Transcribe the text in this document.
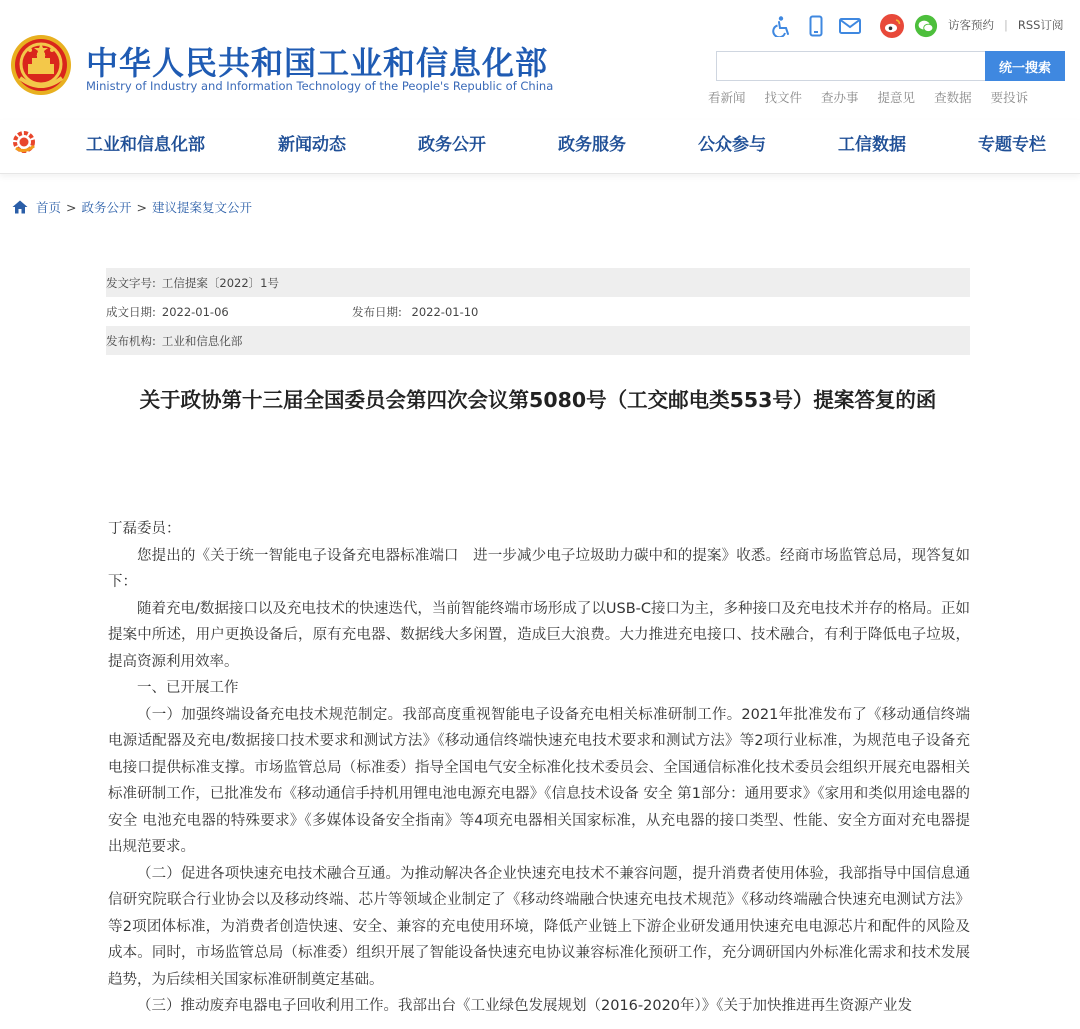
中华人民共和国工业和信息化部
Ministry of Industry and Information Technology of the People's Republic of China
访客预约 | RSS订阅
统一搜索
看新闻 找文件 查办事 提意见 查数据 要投诉
工业和信息化部	新闻动态	政务公开	政务服务	公众参与	工信数据	专题专栏
首页 > 政务公开 > 建议提案复文公开
发文字号: 工信提案〔2022〕1号
成文日期: 2022-01-06	发布日期: 2022-01-10
发布机构: 工业和信息化部
关于政协第十三届全国委员会第四次会议第5080号（工交邮电类553号）提案答复的函

丁磊委员：

您提出的《关于统一智能电子设备充电器标准端口　进一步减少电子垃圾助力碳中和的提案》收悉。经商市场监管总局，现答复如下：

随着充电/数据接口以及充电技术的快速迭代，当前智能终端市场形成了以USB-C接口为主，多种接口及充电技术并存的格局。正如提案中所述，用户更换设备后，原有充电器、数据线大多闲置，造成巨大浪费。大力推进充电接口、技术融合，有利于降低电子垃圾，提高资源利用效率。

一、已开展工作

（一）加强终端设备充电技术规范制定。我部高度重视智能电子设备充电相关标准研制工作。2021年批准发布了《移动通信终端电源适配器及充电/数据接口技术要求和测试方法》《移动通信终端快速充电技术要求和测试方法》等2项行业标准，为规范电子设备充电接口提供标准支撑。市场监管总局（标准委）指导全国电气安全标准化技术委员会、全国通信标准化技术委员会组织开展充电器相关标准研制工作，已批准发布《移动通信手持机用锂电池电源充电器》《信息技术设备 安全 第1部分：通用要求》《家用和类似用途电器的安全 电池充电器的特殊要求》《多媒体设备安全指南》等4项充电器相关国家标准，从充电器的接口类型、性能、安全方面对充电器提出规范要求。

（二）促进各项快速充电技术融合互通。为推动解决各企业快速充电技术不兼容问题，提升消费者使用体验，我部指导中国信息通信研究院联合行业协会以及移动终端、芯片等领域企业制定了《移动终端融合快速充电技术规范》《移动终端融合快速充电测试方法》等2项团体标准，为消费者创造快速、安全、兼容的充电使用环境，降低产业链上下游企业研发通用快速充电电源芯片和配件的风险及成本。同时，市场监管总局（标准委）组织开展了智能设备快速充电协议兼容标准化预研工作，充分调研国内外标准化需求和技术发展趋势，为后续相关国家标准研制奠定基础。

（三）推动废弃电器电子回收利用工作。我部出台《工业绿色发展规划（2016-2020年）》《关于加快推进再生资源产业发
